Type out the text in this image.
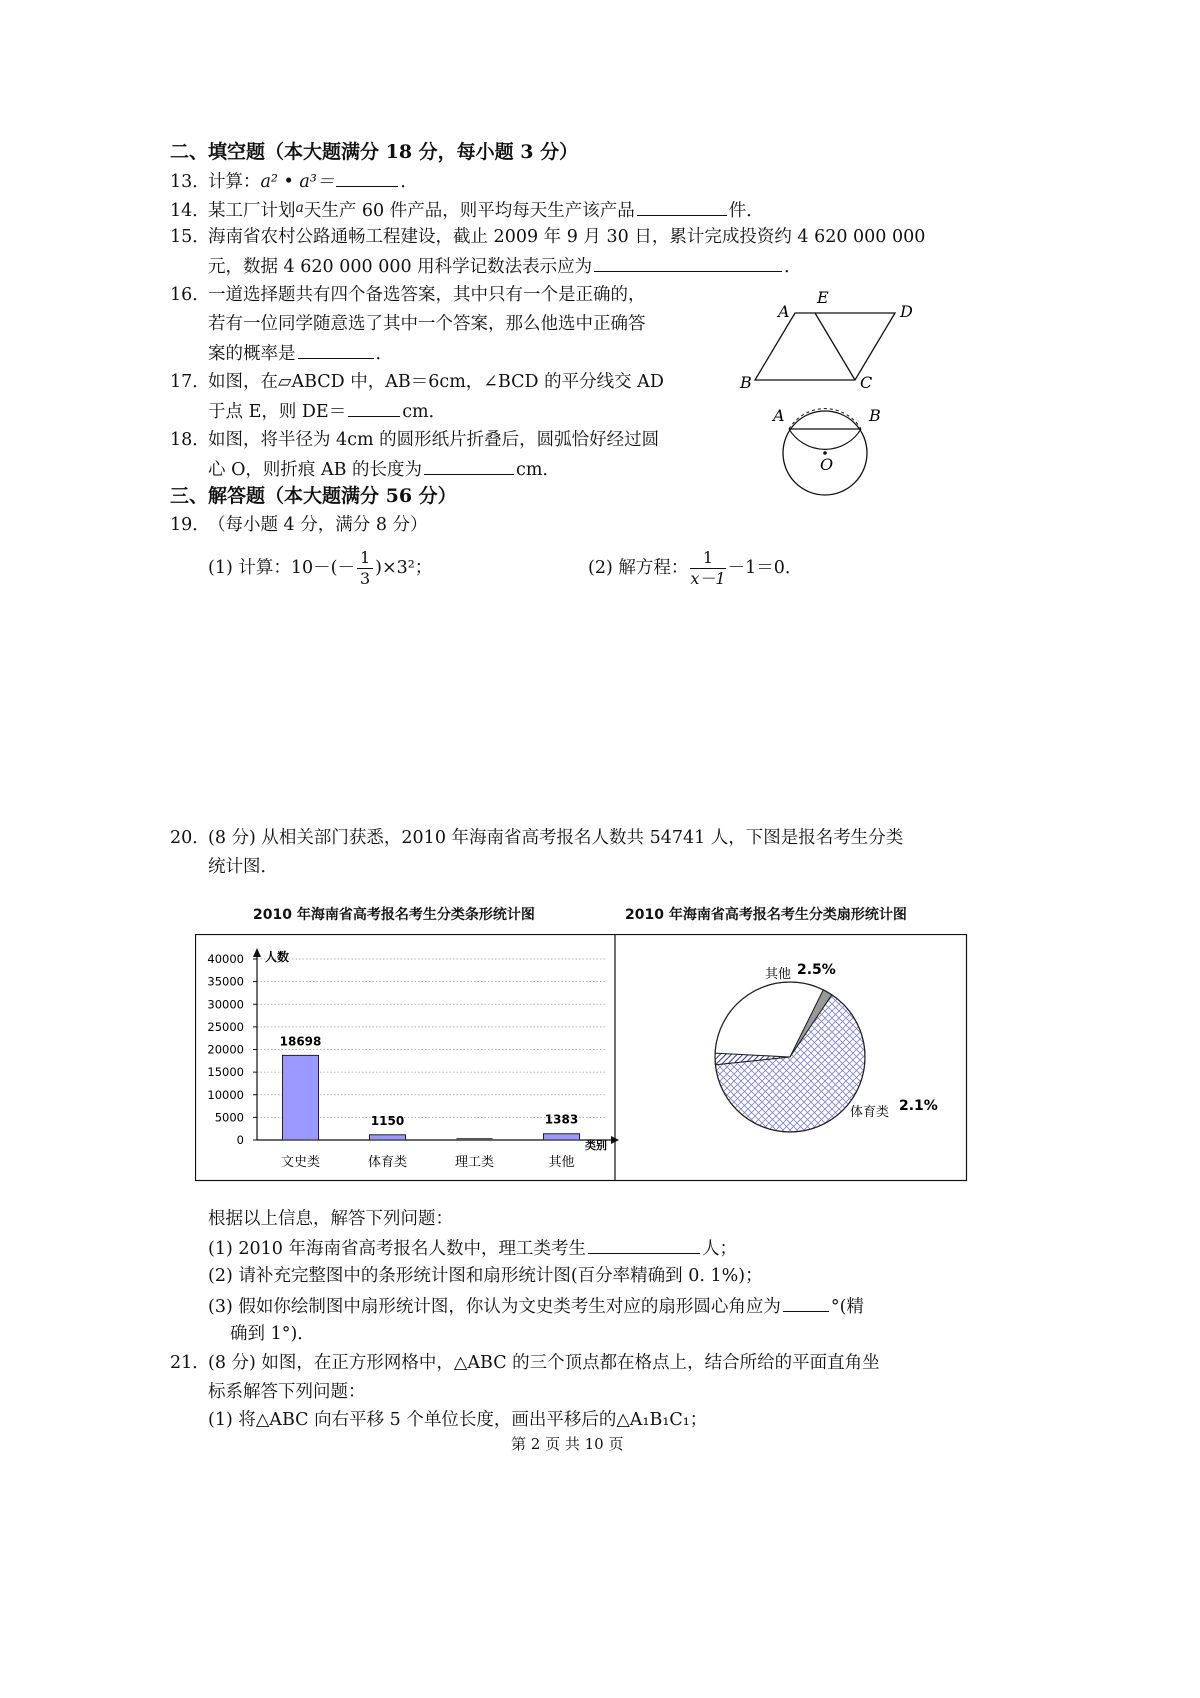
二、填空题（本大题满分 18 分，每小题 3 分）
13．计算：a² • a³＝	．
14．某工厂计划$^a$天生产 60 件产品，则平均每天生产该产品	件．
15．海南省农村公路通畅工程建设，截止 2009 年 9 月 30 日，累计完成投资约 4 620 000 000
元，数据 4 620 000 000 用科学记数法表示应为	．
16．一道选择题共有四个备选答案，其中只有一个是正确的，
若有一位同学随意选了其中一个答案，那么他选中正确答
案的概率是	．
17．如图，在▱ABCD 中，AB＝6cm，∠BCD 的平分线交 AD
于点 E，则 DE＝	cm．
18．如图，将半径为 4cm 的圆形纸片折叠后，圆弧恰好经过圆
心 O，则折痕 AB 的长度为	cm．
A
E
D
B	C
A	B
O
三、解答题（本大题满分 56 分）
19．（每小题 4 分，满分 8 分）
(1) 计算：$10-(- \frac{1}{3} )\times 3^2$；	(2) 解方程： $\frac{1}{x-1} -1=0$．
20．(8 分) 从相关部门获悉，2010 年海南省高考报名人数共 54741 人，下图是报名考生分类
统计图．
2010 年海南省高考报名考生分类条形统计图	2010 年海南省高考报名考生分类扇形统计图
40000
35000
30000
25000
20000
15000
10000
5000
0
人数
类别
18698
文史类
1150
体育类	理工类
1383
其他
其他 2.5%
体育类 2.1%
根据以上信息，解答下列问题：
(1) 2010 年海南省高考报名人数中，理工类考生	人；
(2) 请补充完整图中的条形统计图和扇形统计图(百分率精确到 0. 1%)；
(3) 假如你绘制图中扇形统计图，你认为文史类考生对应的扇形圆心角应为	°(精
确到 1°)．
21．(8 分) 如图，在正方形网格中，△ABC 的三个顶点都在格点上，结合所给的平面直角坐
标系解答下列问题：
(1) 将△ABC 向右平移 5 个单位长度，画出平移后的△A₁B₁C₁；
第 2 页 共 10 页
